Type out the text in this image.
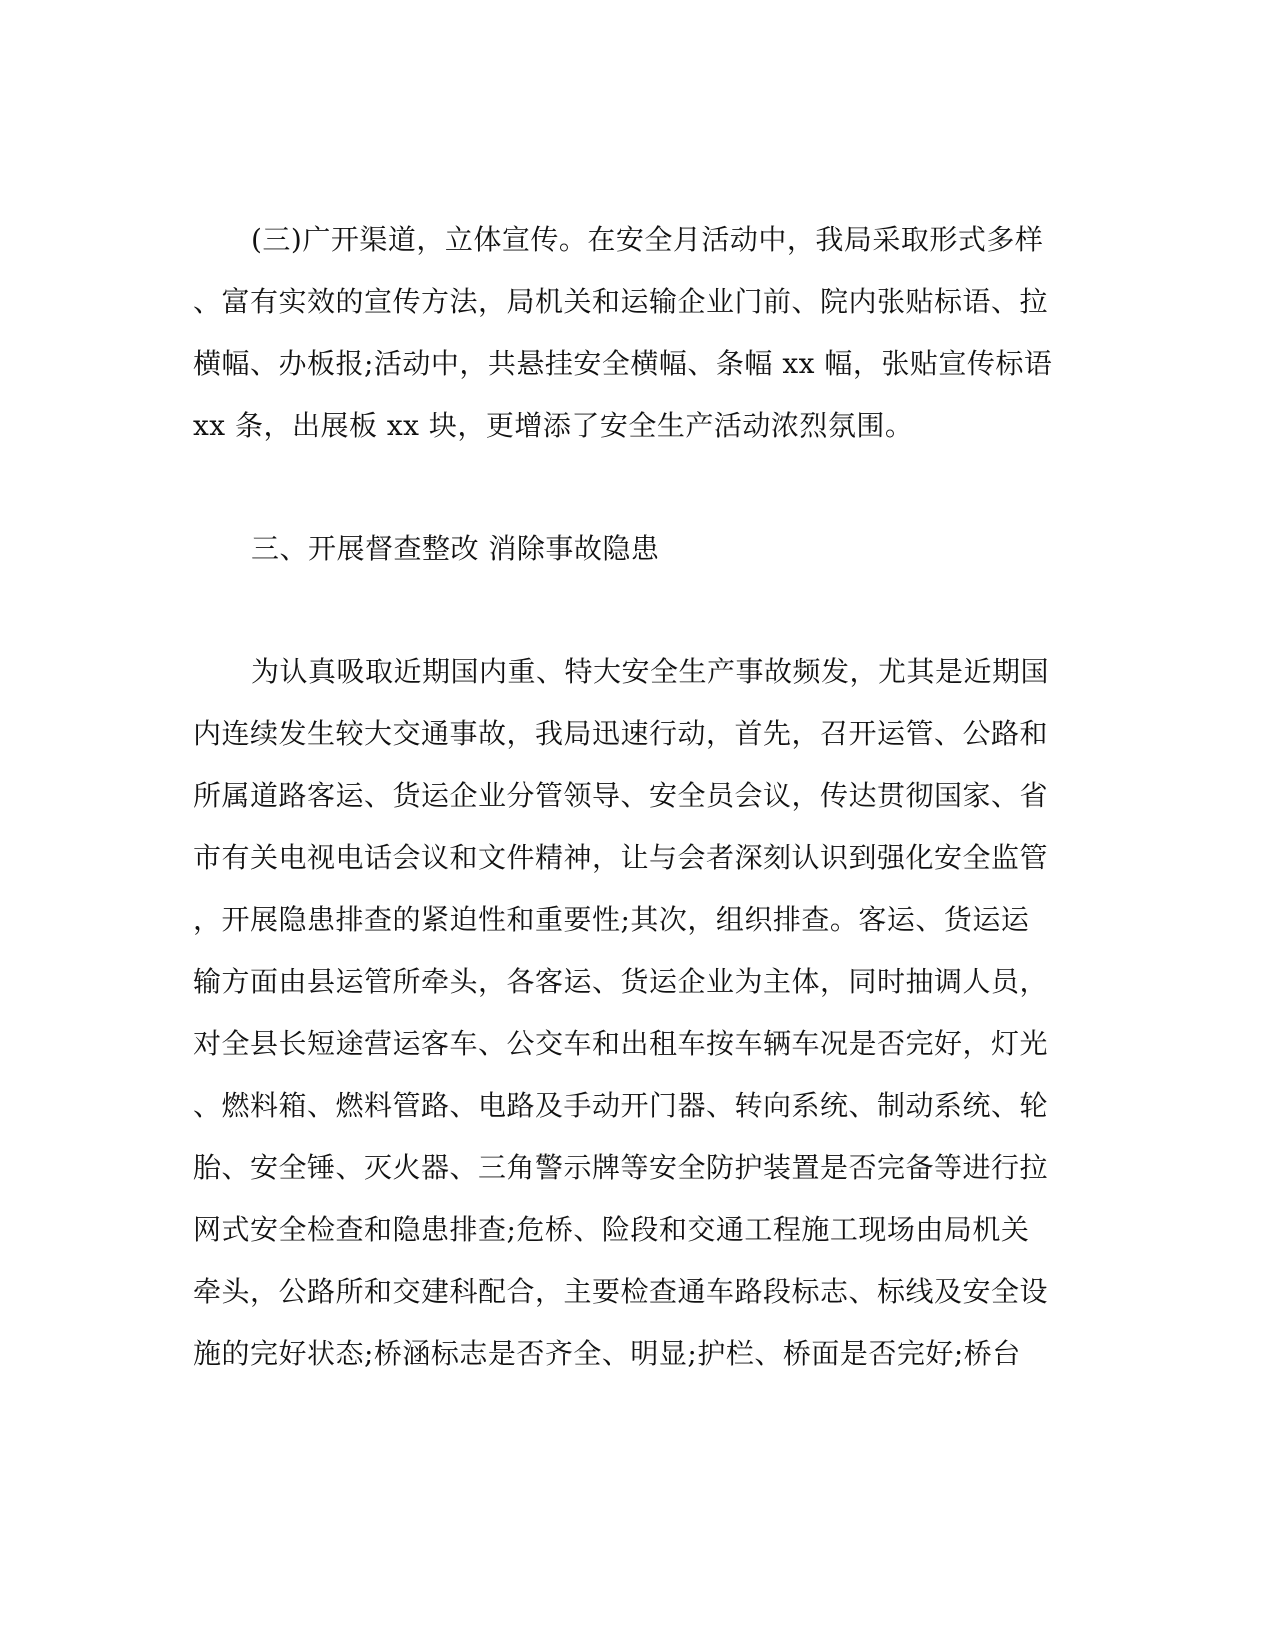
(三)广开渠道，立体宣传。在安全月活动中，我局采取形式多样
、富有实效的宣传方法，局机关和运输企业门前、院内张贴标语、拉
横幅、办板报;活动中，共悬挂安全横幅、条幅 xx 幅，张贴宣传标语
xx 条，出展板 xx 块，更增添了安全生产活动浓烈氛围。
三、开展督查整改 消除事故隐患
为认真吸取近期国内重、特大安全生产事故频发，尤其是近期国
内连续发生较大交通事故，我局迅速行动，首先，召开运管、公路和
所属道路客运、货运企业分管领导、安全员会议，传达贯彻国家、省
市有关电视电话会议和文件精神，让与会者深刻认识到强化安全监管
，开展隐患排查的紧迫性和重要性;其次，组织排查。客运、货运运
输方面由县运管所牵头，各客运、货运企业为主体，同时抽调人员，
对全县长短途营运客车、公交车和出租车按车辆车况是否完好，灯光
、燃料箱、燃料管路、电路及手动开门器、转向系统、制动系统、轮
胎、安全锤、灭火器、三角警示牌等安全防护装置是否完备等进行拉
网式安全检查和隐患排查;危桥、险段和交通工程施工现场由局机关
牵头，公路所和交建科配合，主要检查通车路段标志、标线及安全设
施的完好状态;桥涵标志是否齐全、明显;护栏、桥面是否完好;桥台
